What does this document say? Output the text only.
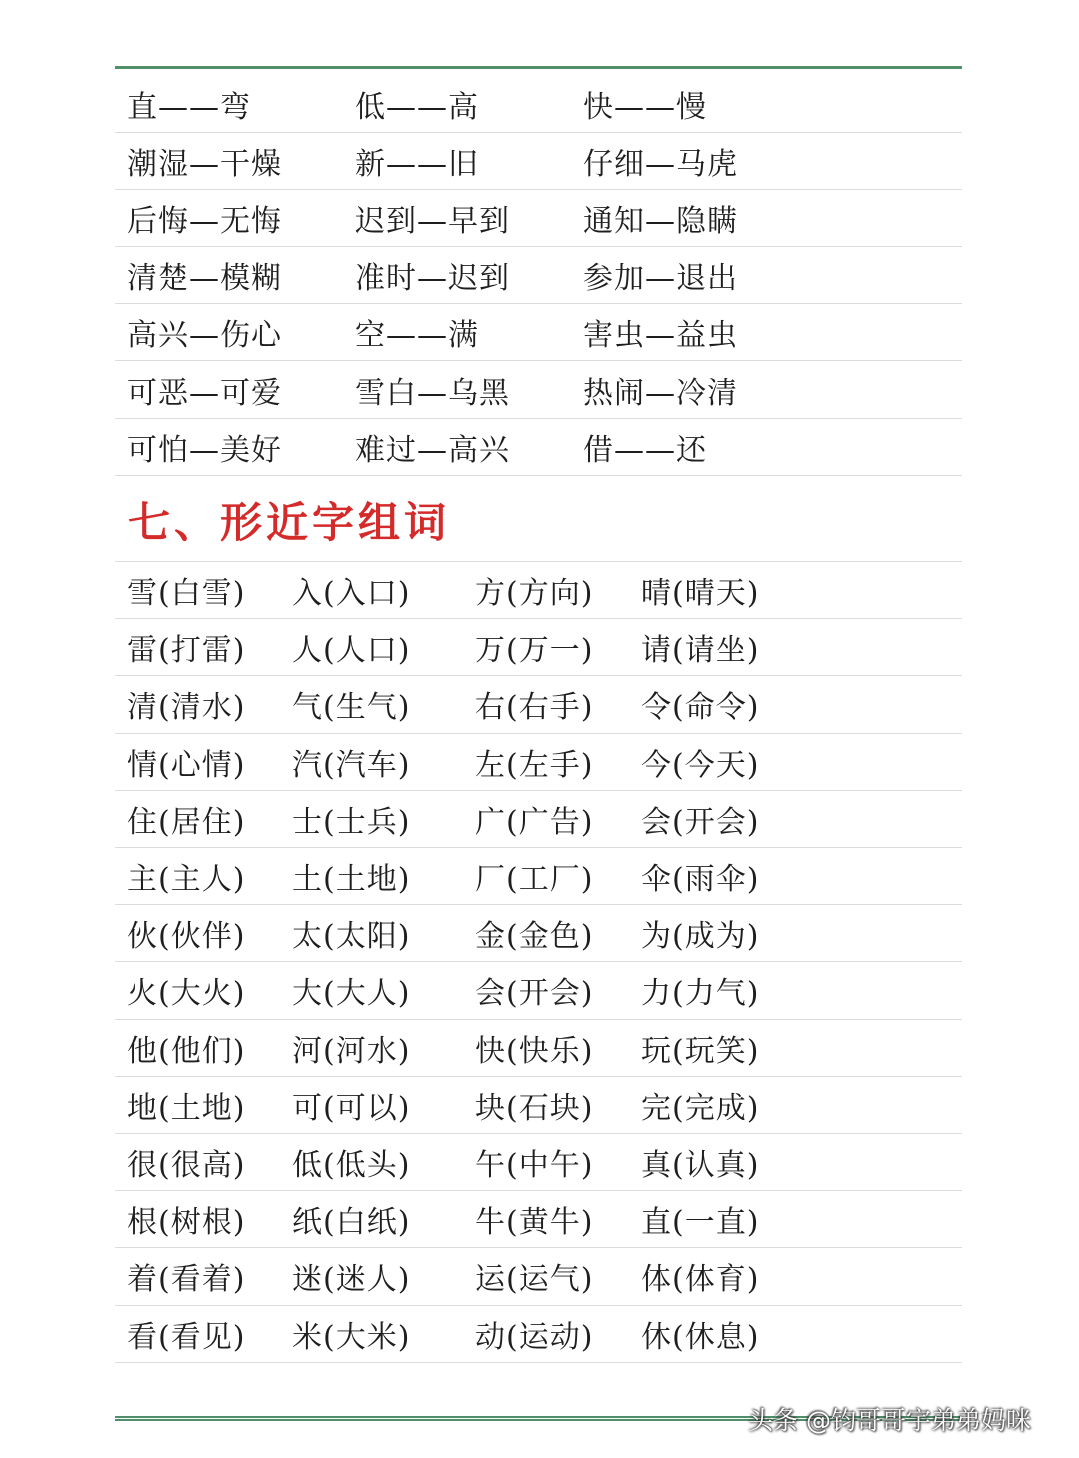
直——弯	低——高	快——慢
潮湿—干燥 新——旧	仔细—马虎
后悔—无悔 迟到—早到 通知—隐瞒
清楚—模糊 准时—迟到 参加—退出
高兴—伤心 空——满	害虫—益虫
可恶—可爱 雪白—乌黑 热闹—冷清
可怕—美好 难过—高兴 借——还
七、形近字组词
雪(白雪) 入(入口) 方(方向) 晴(晴天)
雷(打雷) 人(人口) 万(万一) 请(请坐)
清(清水) 气(生气) 右(右手) 令(命令)
情(心情) 汽(汽车) 左(左手) 今(今天)
住(居住) 士(士兵) 广(广告) 会(开会)
主(主人) 土(土地) 厂(工厂) 伞(雨伞)
伙(伙伴) 太(太阳) 金(金色) 为(成为)
火(大火) 大(大人) 会(开会) 力(力气)
他(他们) 河(河水) 快(快乐) 玩(玩笑)
地(土地) 可(可以) 块(石块) 完(完成)
很(很高) 低(低头) 午(中午) 真(认真)
根(树根) 纸(白纸) 牛(黄牛) 直(一直)
着(看着) 迷(迷人) 运(运气) 体(体育)
看(看见) 米(大米) 动(运动) 休(休息)
头条 @钧哥哥宇弟弟妈咪
